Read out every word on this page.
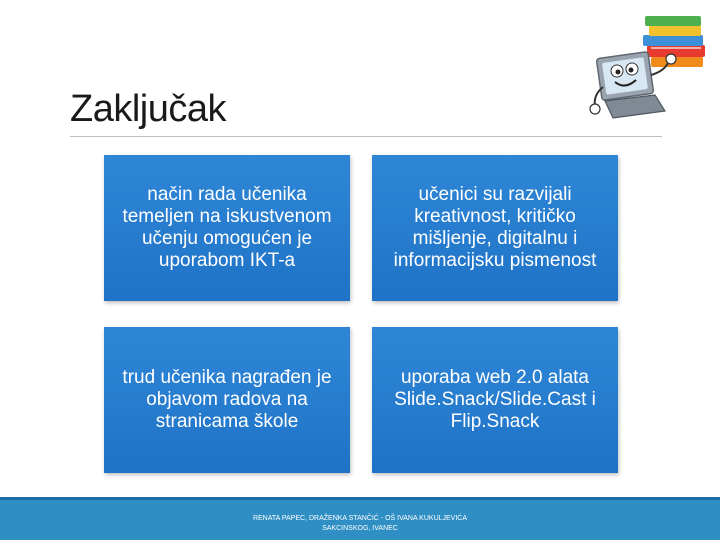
Zaključak
način rada učenika temeljen na iskustvenom učenju omogućen je uporabom IKT-a
učenici su razvijali kreativnost, kritičko mišljenje, digitalnu i informacijsku pismenost
trud učenika nagrađen je objavom radova na stranicama škole
uporaba web 2.0 alata Slide.Snack/Slide.Cast i Flip.Snack
RENATA PAPEC, DRAŽENKA STANČIĆ - OŠ IVANA KUKULJEVIĆA
SAKCINSKOG, IVANEC
